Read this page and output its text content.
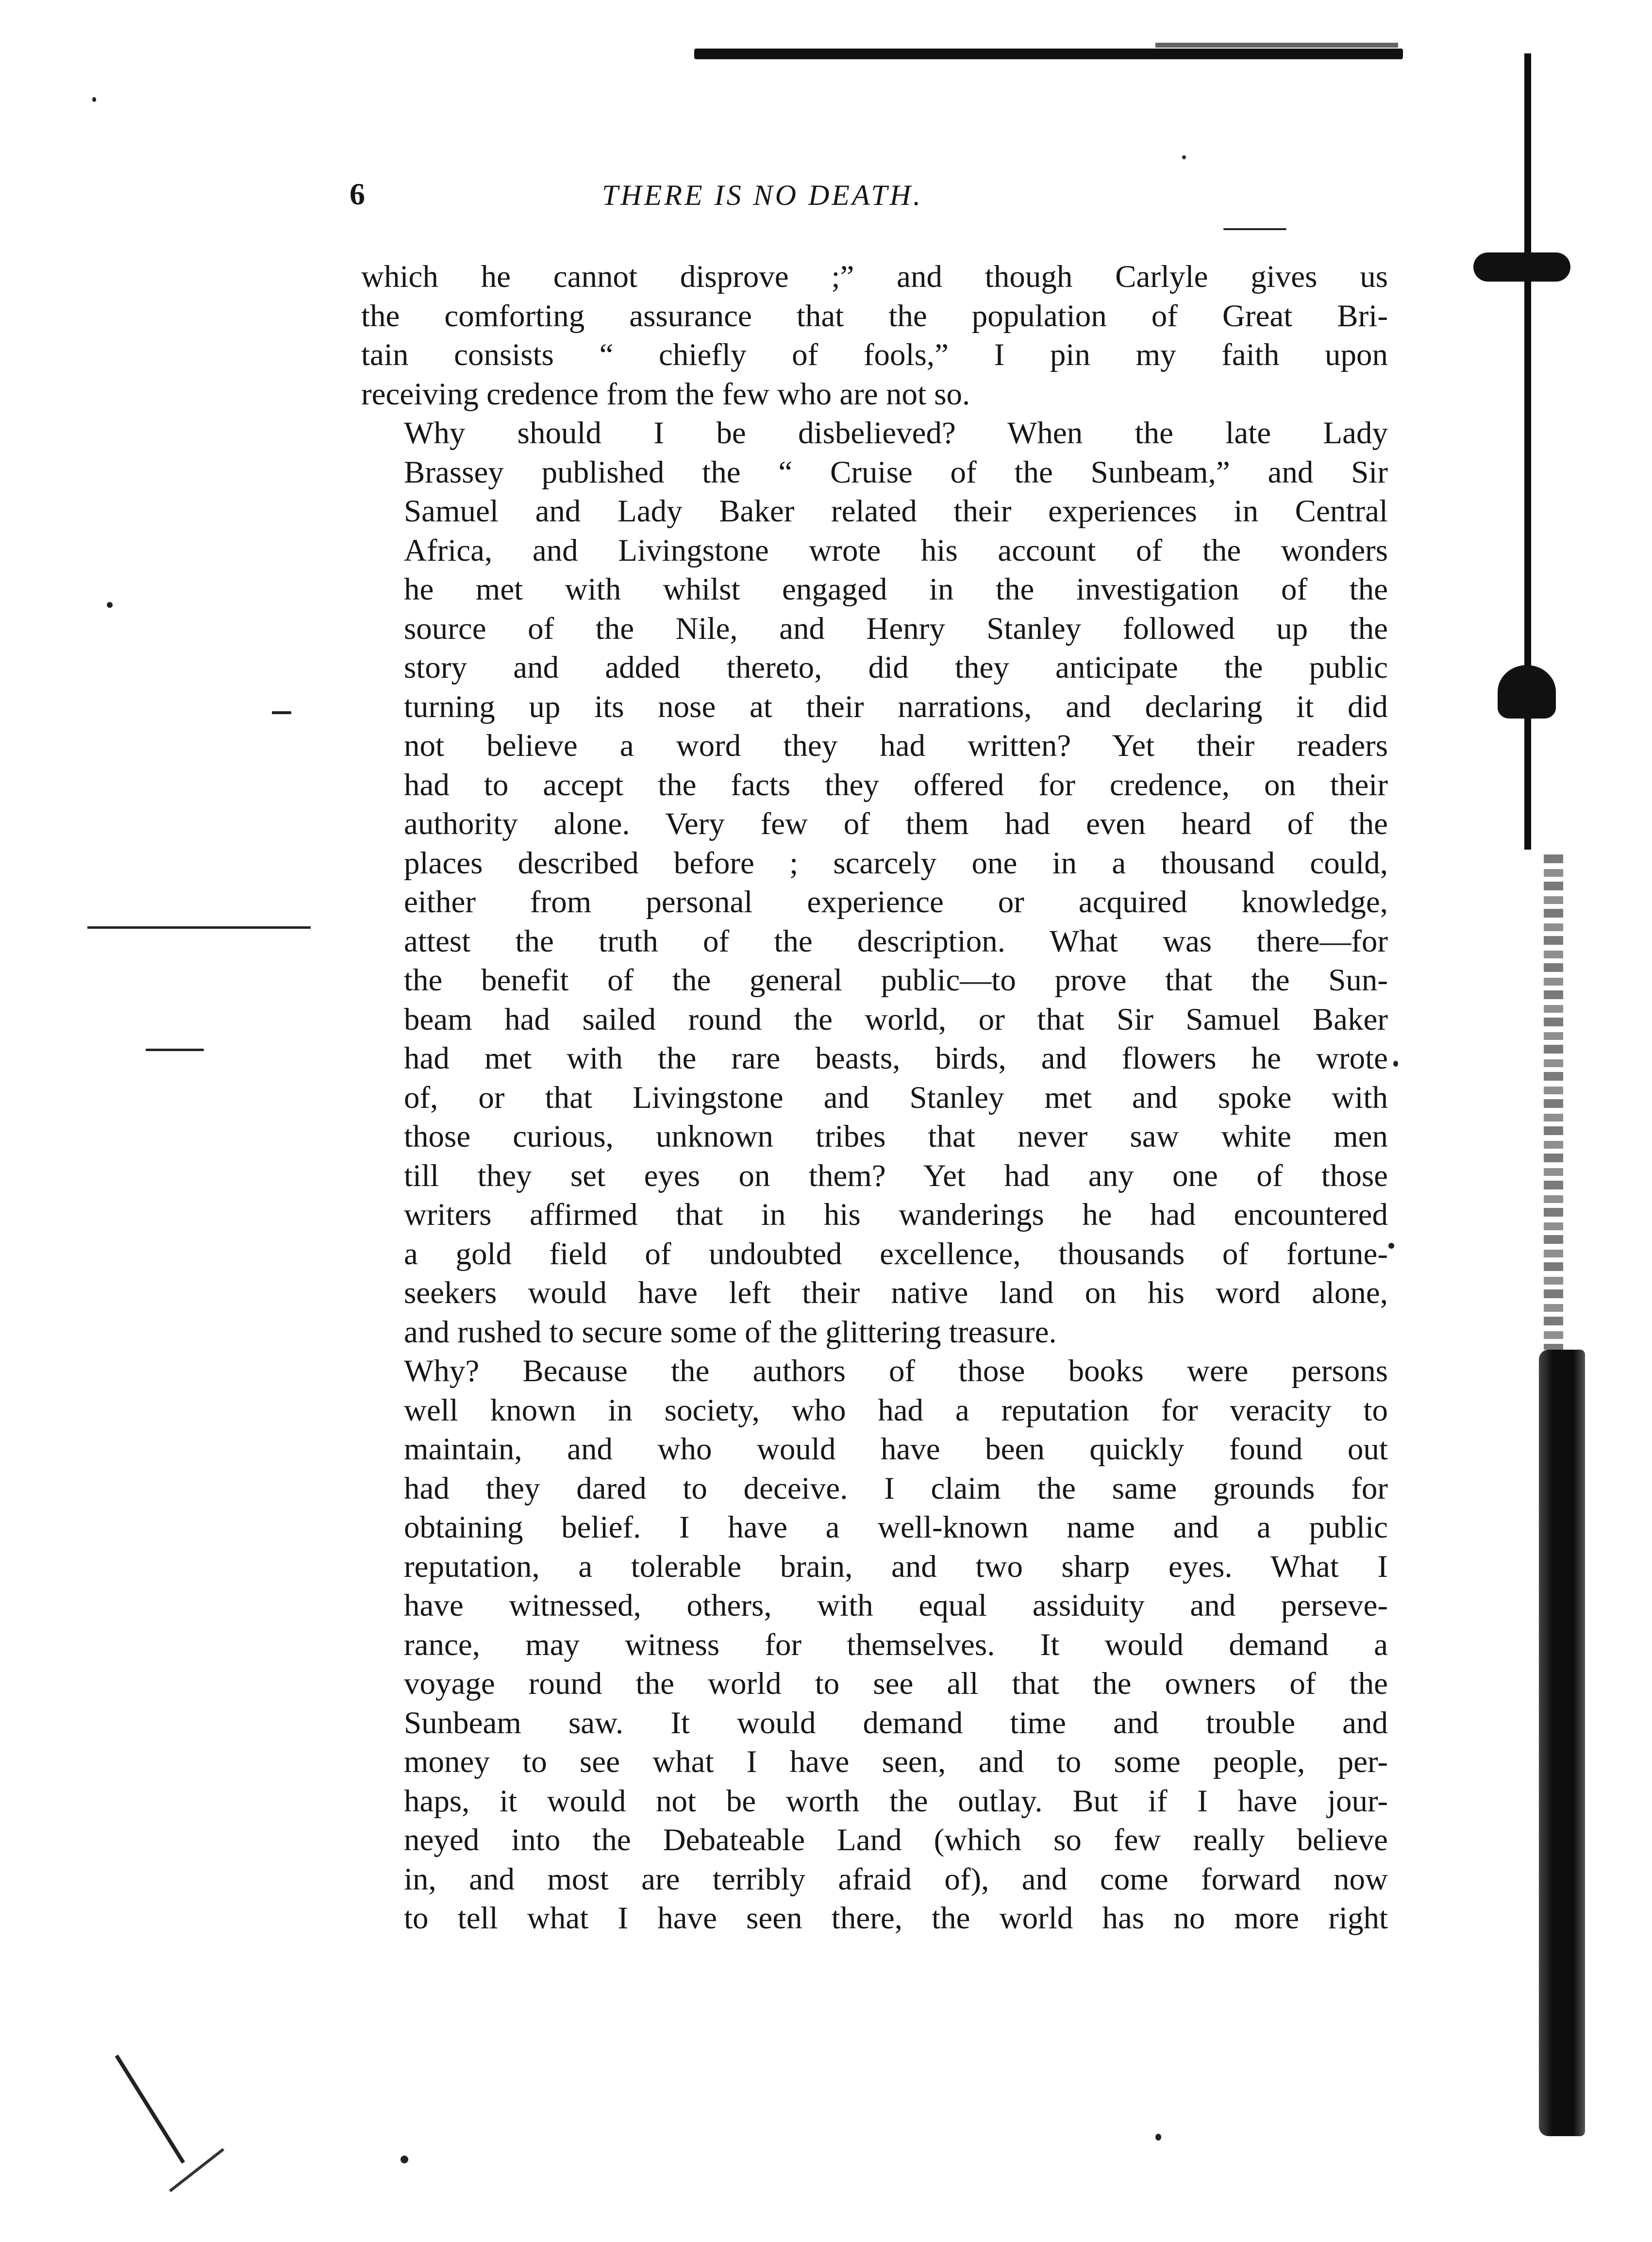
6	THERE IS NO DEATH.

which he cannot disprove ;” and though Carlyle gives us
the comforting assurance that the population of Great Bri-
tain consists “ chiefly of fools,” I pin my faith upon
receiving credence from the few who are not so.

Why should I be disbelieved? When the late Lady
Brassey published the “ Cruise of the Sunbeam,” and Sir
Samuel and Lady Baker related their experiences in Central
Africa, and Livingstone wrote his account of the wonders
he met with whilst engaged in the investigation of the
source of the Nile, and Henry Stanley followed up the
story and added thereto, did they anticipate the public
turning up its nose at their narrations, and declaring it did
not believe a word they had written? Yet their readers
had to accept the facts they offered for credence, on their
authority alone. Very few of them had even heard of the
places described before ; scarcely one in a thousand could,
either from personal experience or acquired knowledge,
attest the truth of the description. What was there—for
the benefit of the general public—to prove that the Sun-
beam had sailed round the world, or that Sir Samuel Baker
had met with the rare beasts, birds, and flowers he wrote
of, or that Livingstone and Stanley met and spoke with
those curious, unknown tribes that never saw white men
till they set eyes on them? Yet had any one of those
writers affirmed that in his wanderings he had encountered
a gold field of undoubted excellence, thousands of fortune-
seekers would have left their native land on his word alone,
and rushed to secure some of the glittering treasure.

Why? Because the authors of those books were persons
well known in society, who had a reputation for veracity to
maintain, and who would have been quickly found out
had they dared to deceive. I claim the same grounds for
obtaining belief. I have a well-known name and a public
reputation, a tolerable brain, and two sharp eyes. What I
have witnessed, others, with equal assiduity and perseve-
rance, may witness for themselves. It would demand a
voyage round the world to see all that the owners of the
Sunbeam saw. It would demand time and trouble and
money to see what I have seen, and to some people, per-
haps, it would not be worth the outlay. But if I have jour-
neyed into the Debateable Land (which so few really believe
in, and most are terribly afraid of), and come forward now
to tell what I have seen there, the world has no more right
